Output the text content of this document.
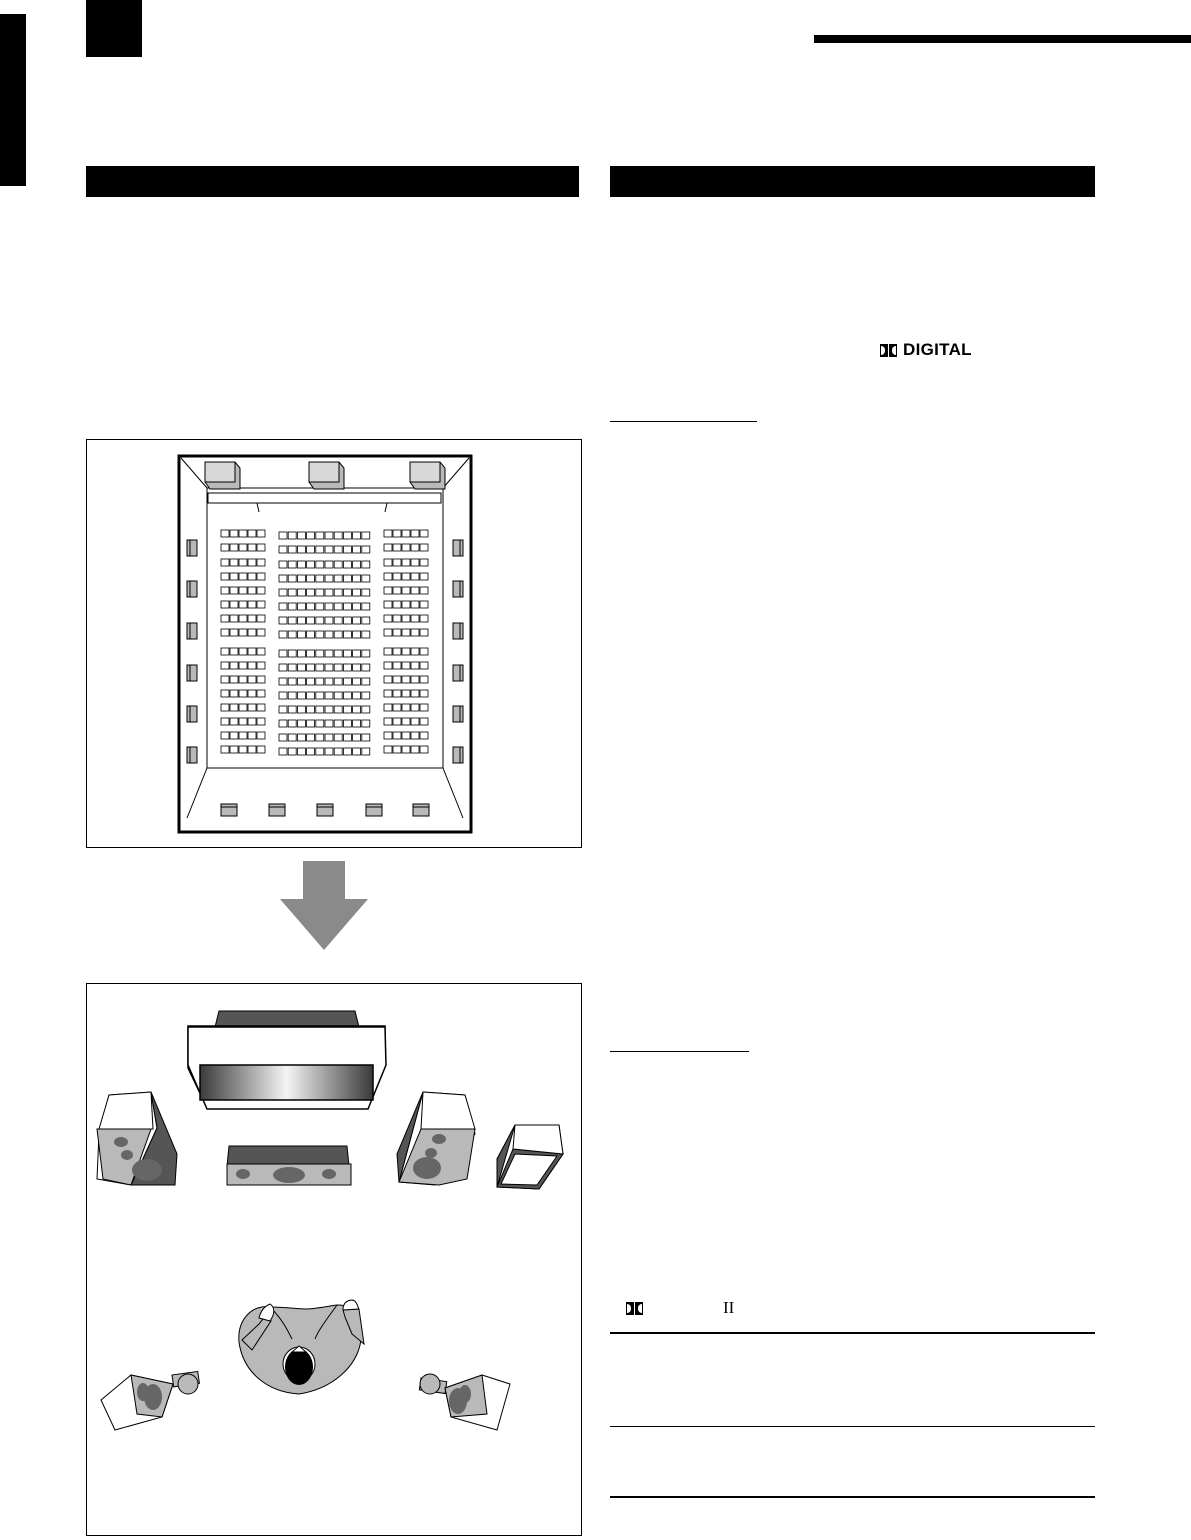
DIGITAL
II
